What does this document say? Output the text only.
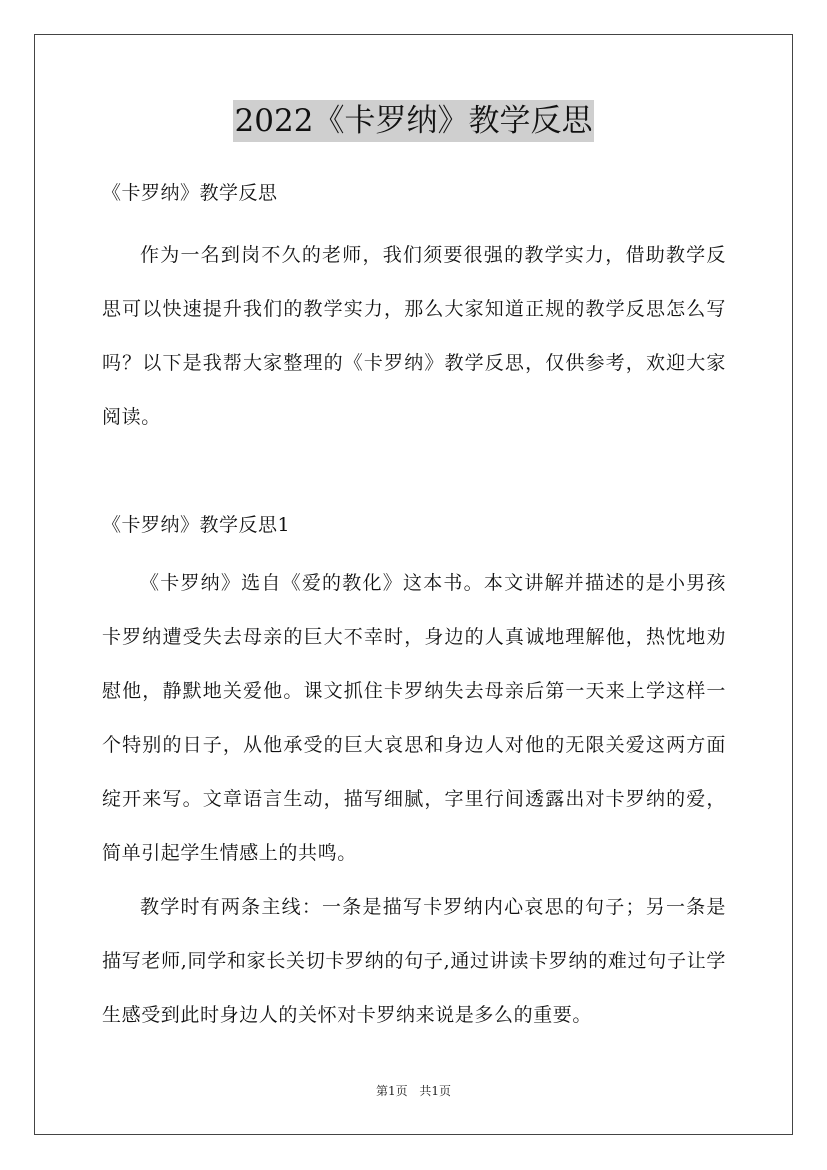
2022《卡罗纳》教学反思

《卡罗纳》教学反思

作为一名到岗不久的老师，我们须要很强的教学实力，借助教学反思可以快速提升我们的教学实力，那么大家知道正规的教学反思怎么写吗？以下是我帮大家整理的《卡罗纳》教学反思，仅供参考，欢迎大家阅读。

《卡罗纳》教学反思1

《卡罗纳》选自《爱的教化》这本书。本文讲解并描述的是小男孩卡罗纳遭受失去母亲的巨大不幸时，身边的人真诚地理解他，热忱地劝慰他，静默地关爱他。课文抓住卡罗纳失去母亲后第一天来上学这样一个特别的日子，从他承受的巨大哀思和身边人对他的无限关爱这两方面绽开来写。文章语言生动，描写细腻，字里行间透露出对卡罗纳的爱，简单引起学生情感上的共鸣。

教学时有两条主线：一条是描写卡罗纳内心哀思的句子；另一条是描写老师,同学和家长关切卡罗纳的句子,通过讲读卡罗纳的难过句子让学生感受到此时身边人的关怀对卡罗纳来说是多么的重要。

第1页 共1页
